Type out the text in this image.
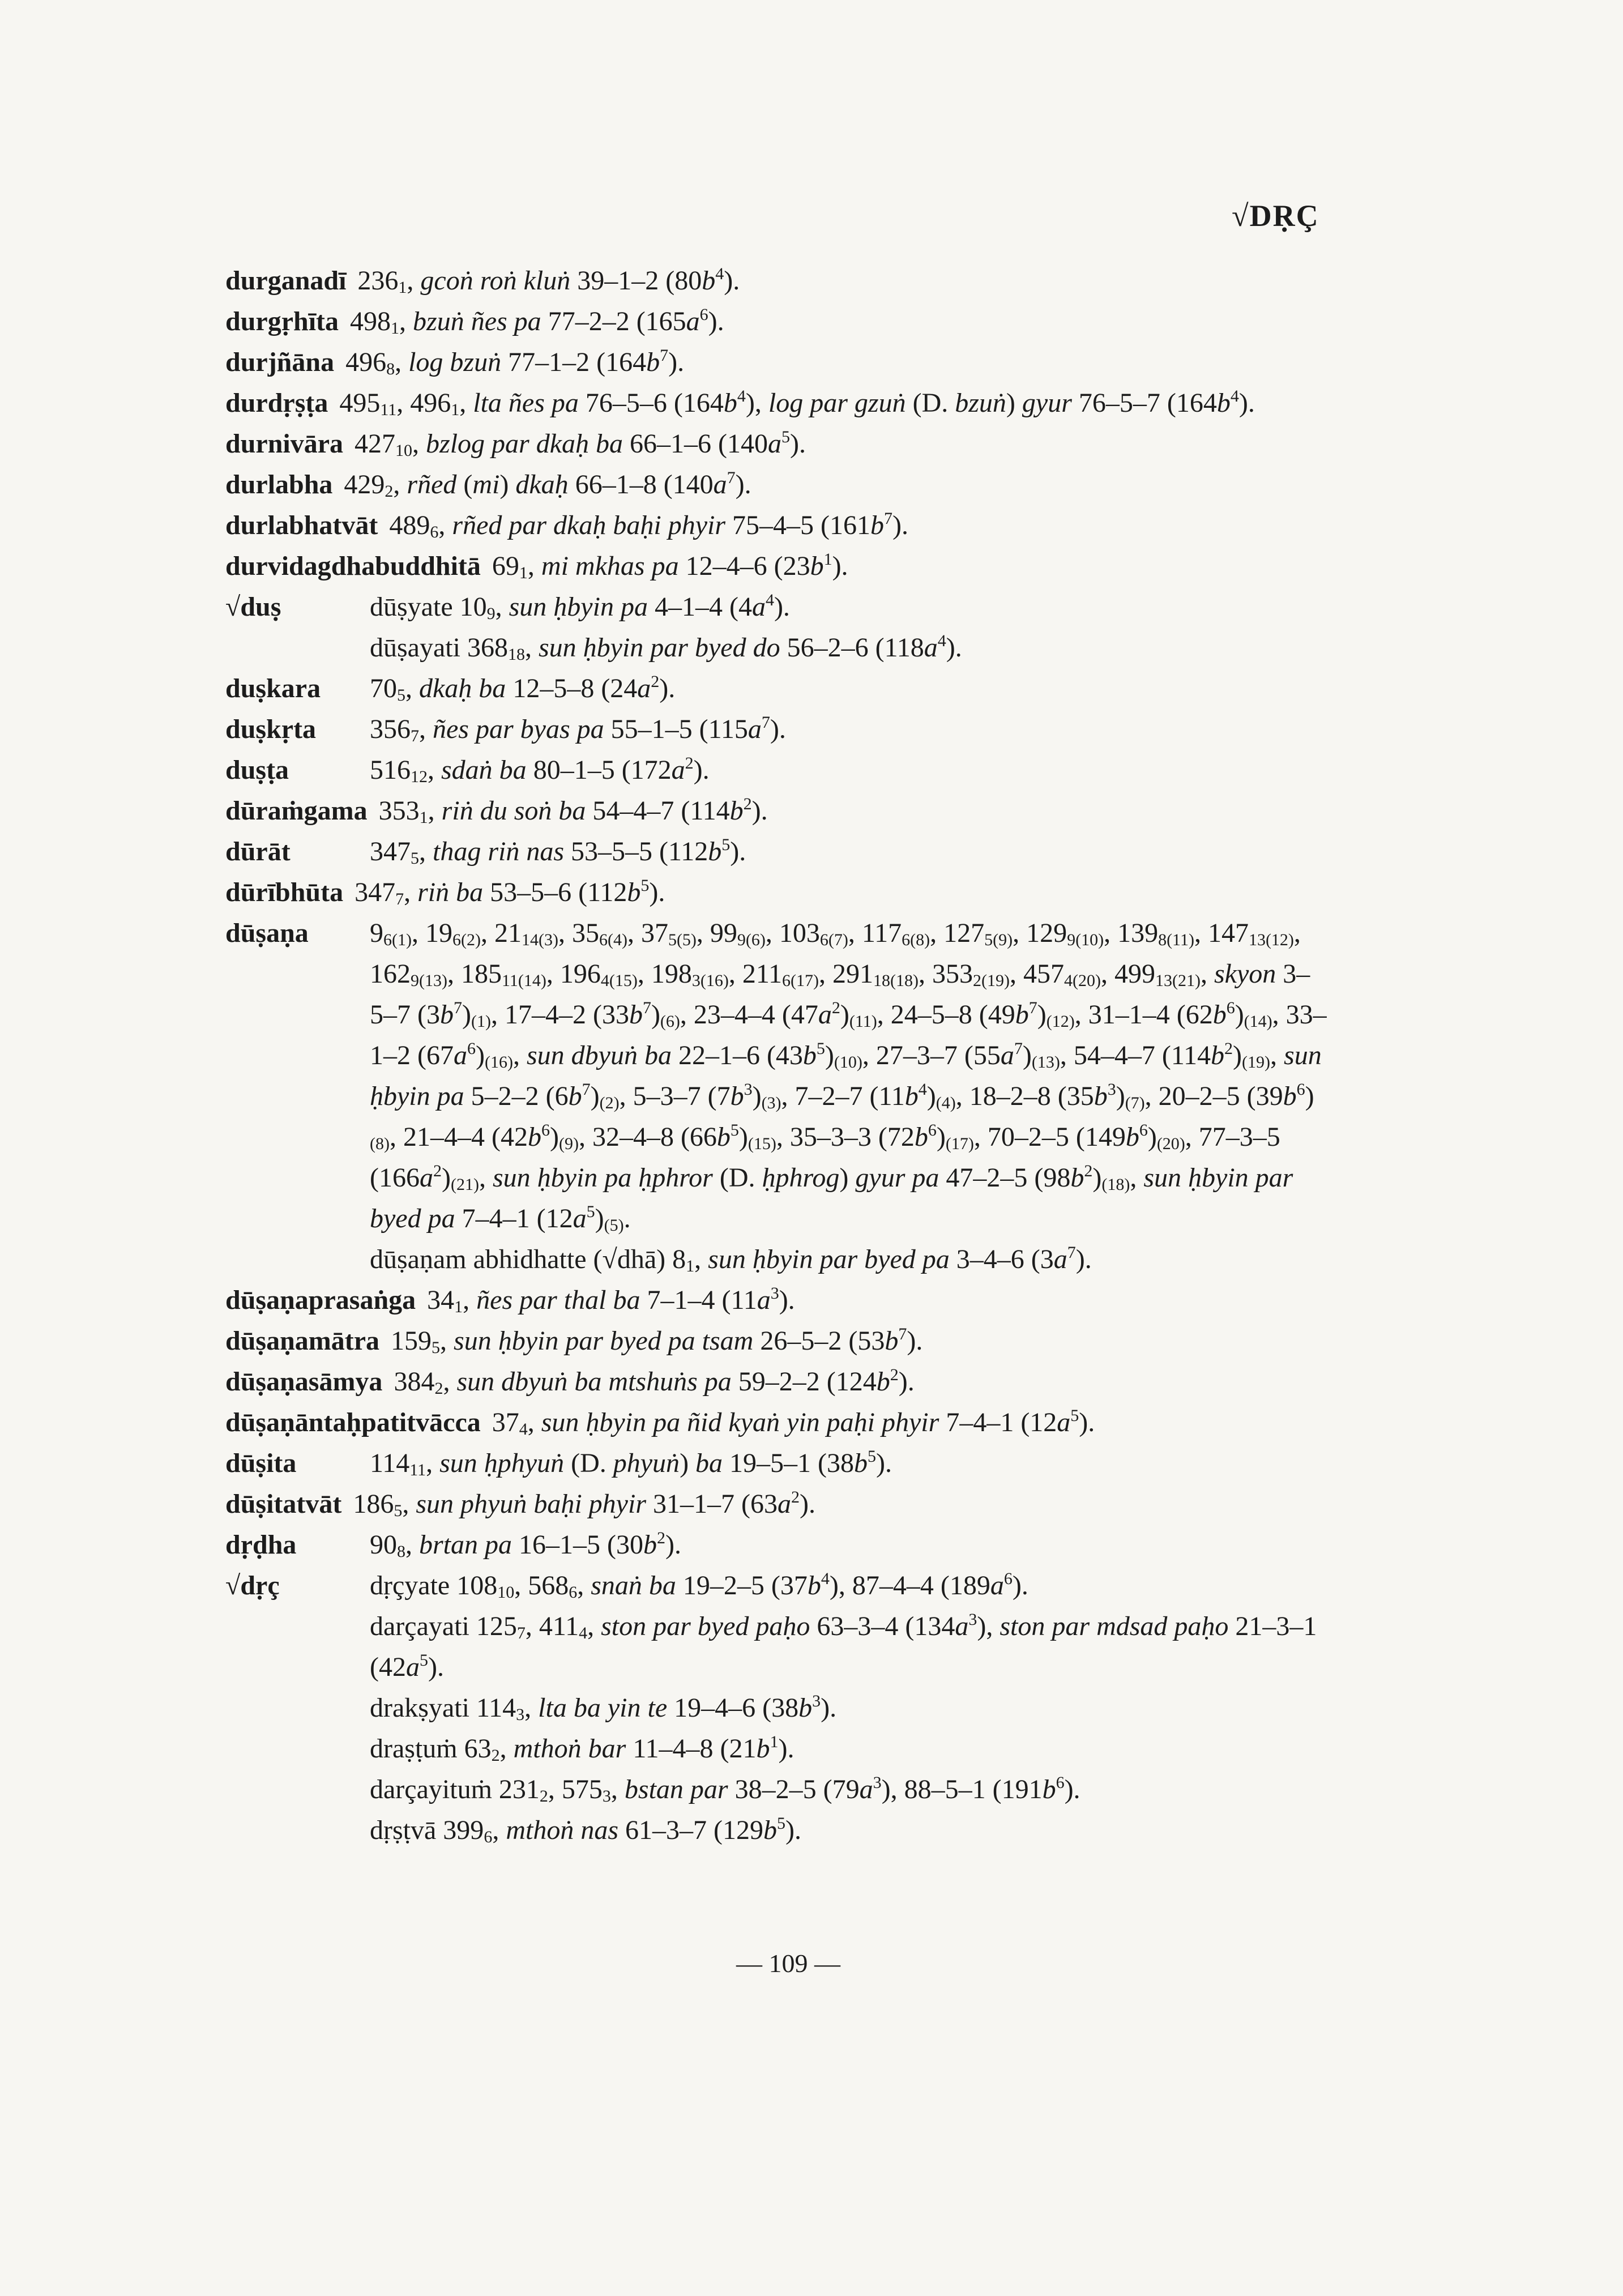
√DṚÇ
durganadī $236_1$, gcoṅ roṅ kluṅ 39–1–2 $(80b^4)$.
durgṛhīta $498_1$, bzuṅ ñes pa 77–2–2 $(165a^6)$.
durjñāna $496_8$, log bzuṅ 77–1–2 $(164b^7)$.
durdṛṣṭa $495_{11}$, $496_1$, lta ñes pa 76–5–6 $(164b^4)$, log par gzuṅ (D. bzuṅ) gyur 76–5–7 $(164b^4)$.
durnivāra $427_{10}$, bzlog par dkaḥ ba 66–1–6 $(140a^5)$.
durlabha $429_2$, rñed (mi) dkaḥ 66–1–8 $(140a^7)$.
durlabhatvāt $489_6$, rñed par dkaḥ baḥi phyir 75–4–5 $(161b^7)$.
durvidagdhabuddhitā $69_1$, mi mkhas pa 12–4–6 $(23b^1)$.
√duṣ	dūṣyate $10_9$, sun ḥbyin pa 4–1–4 $(4a^4)$.

dūṣayati $368_{18}$, sun ḥbyin par byed do 56–2–6 $(118a^4)$.
duṣkara	$70_5$, dkaḥ ba 12–5–8 $(24a^2)$.
duṣkṛta	$356_7$, ñes par byas pa 55–1–5 $(115a^7)$.
duṣṭa	$516_{12}$, sdaṅ ba 80–1–5 $(172a^2)$.
dūraṁgama $353_1$, riṅ du soṅ ba 54–4–7 $(114b^2)$.
dūrāt	$347_5$, thag riṅ nas 53–5–5 $(112b^5)$.
dūrībhūta $347_7$, riṅ ba 53–5–6 $(112b^5)$.
dūṣaṇa	$9_{6(1)}$, $19_{6(2)}$, $21_{14(3)}$, $35_{6(4)}$, $37_{5(5)}$, $99_{9(6)}$, $103_{6(7)}$, $117_{6(8)}$, $127_{5(9)}$, $129_{9(10)}$, $139_{8(11)}$, $147_{13(12)}$, $162_{9(13)}$, $185_{11(14)}$, $196_{4(15)}$, $198_{3(16)}$, $211_{6(17)}$, $291_{18(18)}$, $353_{2(19)}$, $457_{4(20)}$, $499_{13(21)}$, skyon 3–5–7 $(3b^7)_{(1)}$, 17–4–2 $(33b^7)_{(6)}$, 23–4–4 $(47a^2)_{(11)}$, 24–5–8 $(49b^7)_{(12)}$, 31–1–4 $(62b^6)_{(14)}$, 33–1–2 $(67a^6)_{(16)}$, sun dbyuṅ ba 22–1–6 $(43b^5)_{(10)}$, 27–3–7 $(55a^7)_{(13)}$, 54–4–7 $(114b^2)_{(19)}$, sun ḥbyin pa 5–2–2 $(6b^7)_{(2)}$, 5–3–7 $(7b^3)_{(3)}$, 7–2–7 $(11b^4)_{(4)}$, 18–2–8 $(35b^3)_{(7)}$, 20–2–5 $(39b^6)_{(8)}$, 21–4–4 $(42b^6)_{(9)}$, 32–4–8 $(66b^5)_{(15)}$, 35–3–3 $(72b^6)_{(17)}$, 70–2–5 $(149b^6)_{(20)}$, 77–3–5 $(166a^2)_{(21)}$, sun ḥbyin pa ḥphror (D. ḥphrog) gyur pa 47–2–5 $(98b^2)_{(18)}$, sun ḥbyin par byed pa 7–4–1 $(12a^5)_{(5)}$.

dūṣaṇam abhidhatte (√dhā) $8_1$, sun ḥbyin par byed pa 3–4–6 $(3a^7)$.
dūṣaṇaprasaṅga $34_1$, ñes par thal ba 7–1–4 $(11a^3)$.
dūṣaṇamātra $159_5$, sun ḥbyin par byed pa tsam 26–5–2 $(53b^7)$.
dūṣaṇasāmya $384_2$, sun dbyuṅ ba mtshuṅs pa 59–2–2 $(124b^2)$.
dūṣaṇāntaḥpatitvācca $37_4$, sun ḥbyin pa ñid kyaṅ yin paḥi phyir 7–4–1 $(12a^5)$.
dūṣita	$114_{11}$, sun ḥphyuṅ (D. phyuṅ) ba 19–5–1 $(38b^5)$.
dūṣitatvāt $186_5$, sun phyuṅ baḥi phyir 31–1–7 $(63a^2)$.
dṛḍha	$90_8$, brtan pa 16–1–5 $(30b^2)$.
√dṛç	dṛçyate $108_{10}$, $568_6$, snaṅ ba 19–2–5 $(37b^4)$, 87–4–4 $(189a^6)$.

darçayati $125_7$, $411_4$, ston par byed paḥo 63–3–4 $(134a^3)$, ston par mdsad paḥo 21–3–1 $(42a^5)$.

drakṣyati $114_3$, lta ba yin te 19–4–6 $(38b^3)$.

draṣṭuṁ $63_2$, mthoṅ bar 11–4–8 $(21b^1)$.

darçayituṁ $231_2$, $575_3$, bstan par 38–2–5 $(79a^3)$, 88–5–1 $(191b^6)$.

dṛṣṭvā $399_6$, mthoṅ nas 61–3–7 $(129b^5)$.
— 109 —
